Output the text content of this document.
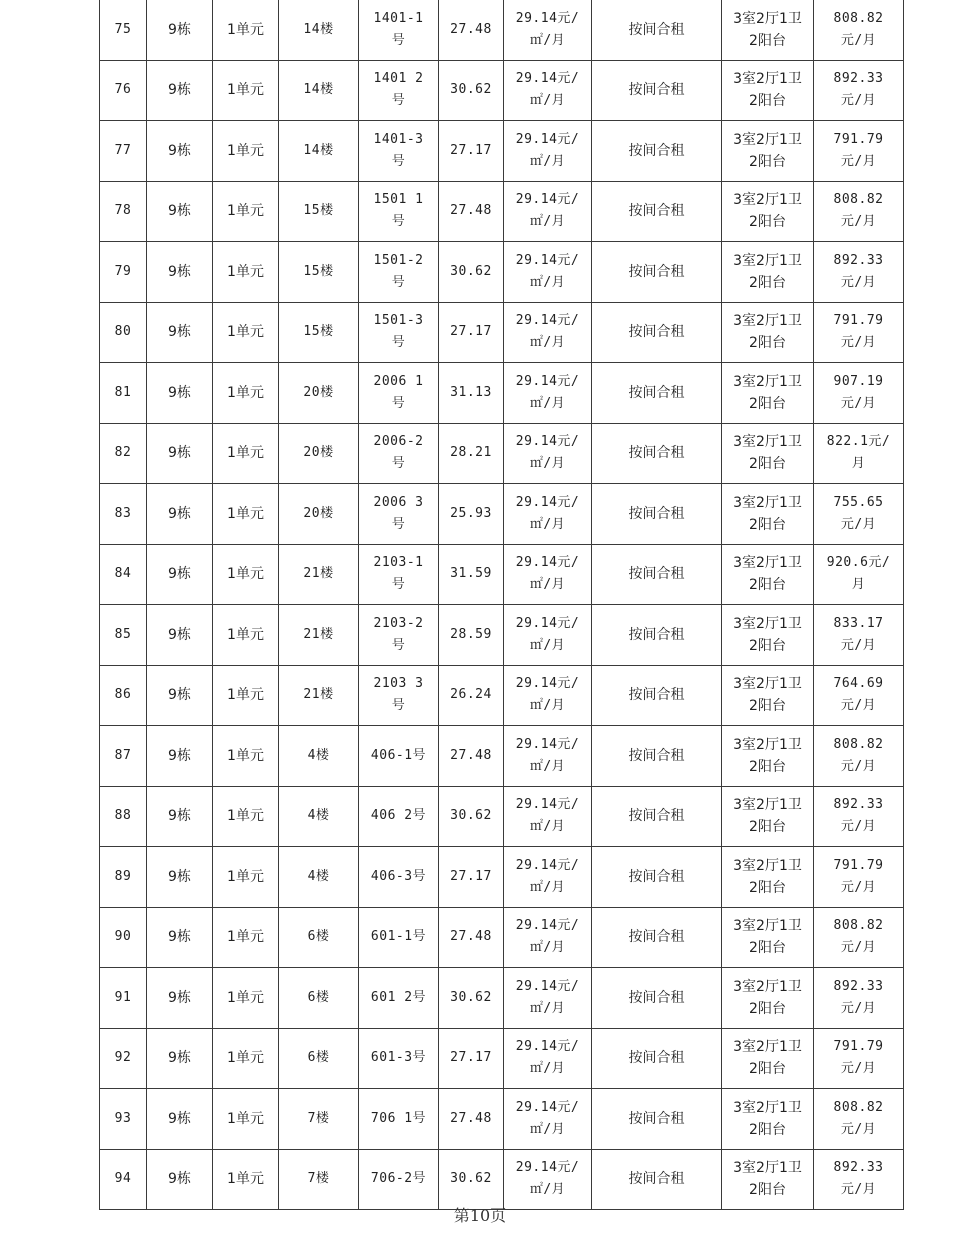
75	9栋	1单元	14楼	1401-1
号	27.48	29.14元/
㎡/月	按间合租	3室2厅1卫
2阳台	808.82
元/月

76	9栋	1单元	14楼	1401 2
号	30.62	29.14元/
㎡/月	按间合租	3室2厅1卫
2阳台	892.33
元/月

77	9栋	1单元	14楼	1401-3
号	27.17	29.14元/
㎡/月	按间合租	3室2厅1卫
2阳台	791.79
元/月

78	9栋	1单元	15楼	1501 1
号	27.48	29.14元/
㎡/月	按间合租	3室2厅1卫
2阳台	808.82
元/月

79	9栋	1单元	15楼	1501-2
号	30.62	29.14元/
㎡/月	按间合租	3室2厅1卫
2阳台	892.33
元/月

80	9栋	1单元	15楼	1501-3
号	27.17	29.14元/
㎡/月	按间合租	3室2厅1卫
2阳台	791.79
元/月

81	9栋	1单元	20楼	2006 1
号	31.13	29.14元/
㎡/月	按间合租	3室2厅1卫
2阳台	907.19
元/月

82	9栋	1单元	20楼	2006-2
号	28.21	29.14元/
㎡/月	按间合租	3室2厅1卫
2阳台	822.1元/
月

83	9栋	1单元	20楼	2006 3
号	25.93	29.14元/
㎡/月	按间合租	3室2厅1卫
2阳台	755.65
元/月

84	9栋	1单元	21楼	2103-1
号	31.59	29.14元/
㎡/月	按间合租	3室2厅1卫
2阳台	920.6元/
月

85	9栋	1单元	21楼	2103-2
号	28.59	29.14元/
㎡/月	按间合租	3室2厅1卫
2阳台	833.17
元/月

86	9栋	1单元	21楼	2103 3
号	26.24	29.14元/
㎡/月	按间合租	3室2厅1卫
2阳台	764.69
元/月

87	9栋	1单元	4楼	406-1号	27.48	29.14元/
㎡/月	按间合租	3室2厅1卫
2阳台	808.82
元/月

88	9栋	1单元	4楼	406 2号	30.62	29.14元/
㎡/月	按间合租	3室2厅1卫
2阳台	892.33
元/月

89	9栋	1单元	4楼	406-3号	27.17	29.14元/
㎡/月	按间合租	3室2厅1卫
2阳台	791.79
元/月

90	9栋	1单元	6楼	601-1号	27.48	29.14元/
㎡/月	按间合租	3室2厅1卫
2阳台	808.82
元/月

91	9栋	1单元	6楼	601 2号	30.62	29.14元/
㎡/月	按间合租	3室2厅1卫
2阳台	892.33
元/月

92	9栋	1单元	6楼	601-3号	27.17	29.14元/
㎡/月	按间合租	3室2厅1卫
2阳台	791.79
元/月

93	9栋	1单元	7楼	706 1号	27.48	29.14元/
㎡/月	按间合租	3室2厅1卫
2阳台	808.82
元/月

94	9栋	1单元	7楼	706-2号	30.62	29.14元/
㎡/月	按间合租	3室2厅1卫
2阳台	892.33
元/月
第10页
